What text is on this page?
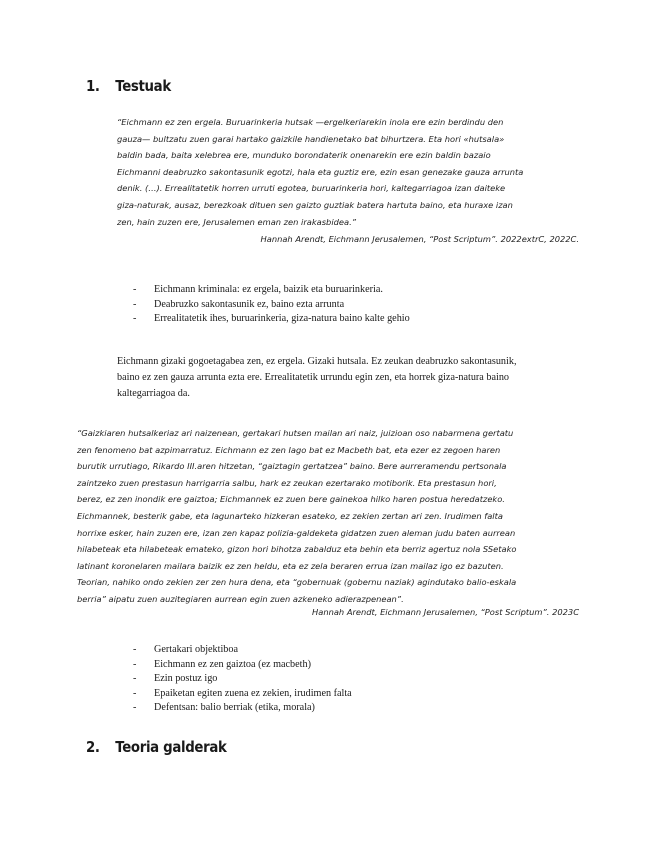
1. Testuak
“Eichmann ez zen ergela. Buruarinkeria hutsak —ergelkeriarekin inola ere ezin berdindu den
gauza— bultzatu zuen garai hartako gaizkile handienetako bat bihurtzera. Eta hori «hutsala»
baldin bada, baita xelebrea ere, munduko borondaterik onenarekin ere ezin baldin bazaio
Eichmanni deabruzko sakontasunik egotzi, hala eta guztiz ere, ezin esan genezake gauza arrunta
denik. (…). Errealitatetik horren urruti egotea, buruarinkeria hori, kaltegarriagoa izan daiteke
giza-naturak, ausaz, berezkoak dituen sen gaizto guztiak batera hartuta baino, eta huraxe izan
zen, hain zuzen ere, Jerusalemen eman zen irakasbidea.”
Hannah Arendt, Eichmann Jerusalemen, “Post Scriptum”. 2022extrC, 2022C.
- Eichmann kriminala: ez ergela, baizik eta buruarinkeria.
- Deabruzko sakontasunik ez, baino ezta arrunta
- Errealitatetik ihes, buruarinkeria, giza-natura baino kalte gehio
Eichmann gizaki gogoetagabea zen, ez ergela. Gizaki hutsala. Ez zeukan deabruzko sakontasunik,
baino ez zen gauza arrunta ezta ere. Errealitatetik urrundu egin zen, eta horrek giza-natura baino
kaltegarriagoa da.
“Gaizkiaren hutsalkeriaz ari naizenean, gertakari hutsen mailan ari naiz, juizioan oso nabarmena gertatu
zen fenomeno bat azpimarratuz. Eichmann ez zen Iago bat ez Macbeth bat, eta ezer ez zegoen haren
burutik urrutiago, Rikardo III.aren hitzetan, “gaiztagin gertatzea” baino. Bere aurreramendu pertsonala
zaintzeko zuen prestasun harrigarria salbu, hark ez zeukan ezertarako motiborik. Eta prestasun hori,
berez, ez zen inondik ere gaiztoa; Eichmannek ez zuen bere gainekoa hilko haren postua heredatzeko.
Eichmannek, besterik gabe, eta lagunarteko hizkeran esateko, ez zekien zertan ari zen. Irudimen falta
horrixe esker, hain zuzen ere, izan zen kapaz polizia-galdeketa gidatzen zuen aleman judu baten aurrean
hilabeteak eta hilabeteak emateko, gizon hori bihotza zabalduz eta behin eta berriz agertuz nola SSetako
latinant koronelaren mailara baizik ez zen heldu, eta ez zela beraren errua izan mailaz igo ez bazuten.
Teorian, nahiko ondo zekien zer zen hura dena, eta “gobernuak (gobernu naziak) agindutako balio-eskala
berria” aipatu zuen auzitegiaren aurrean egin zuen azkeneko adierazpenean”.
Hannah Arendt, Eichmann Jerusalemen, “Post Scriptum”. 2023C
- Gertakari objektiboa
- Eichmann ez zen gaiztoa (ez macbeth)
- Ezin postuz igo
- Epaiketan egiten zuena ez zekien, irudimen falta
- Defentsan: balio berriak (etika, morala)
2. Teoria galderak
